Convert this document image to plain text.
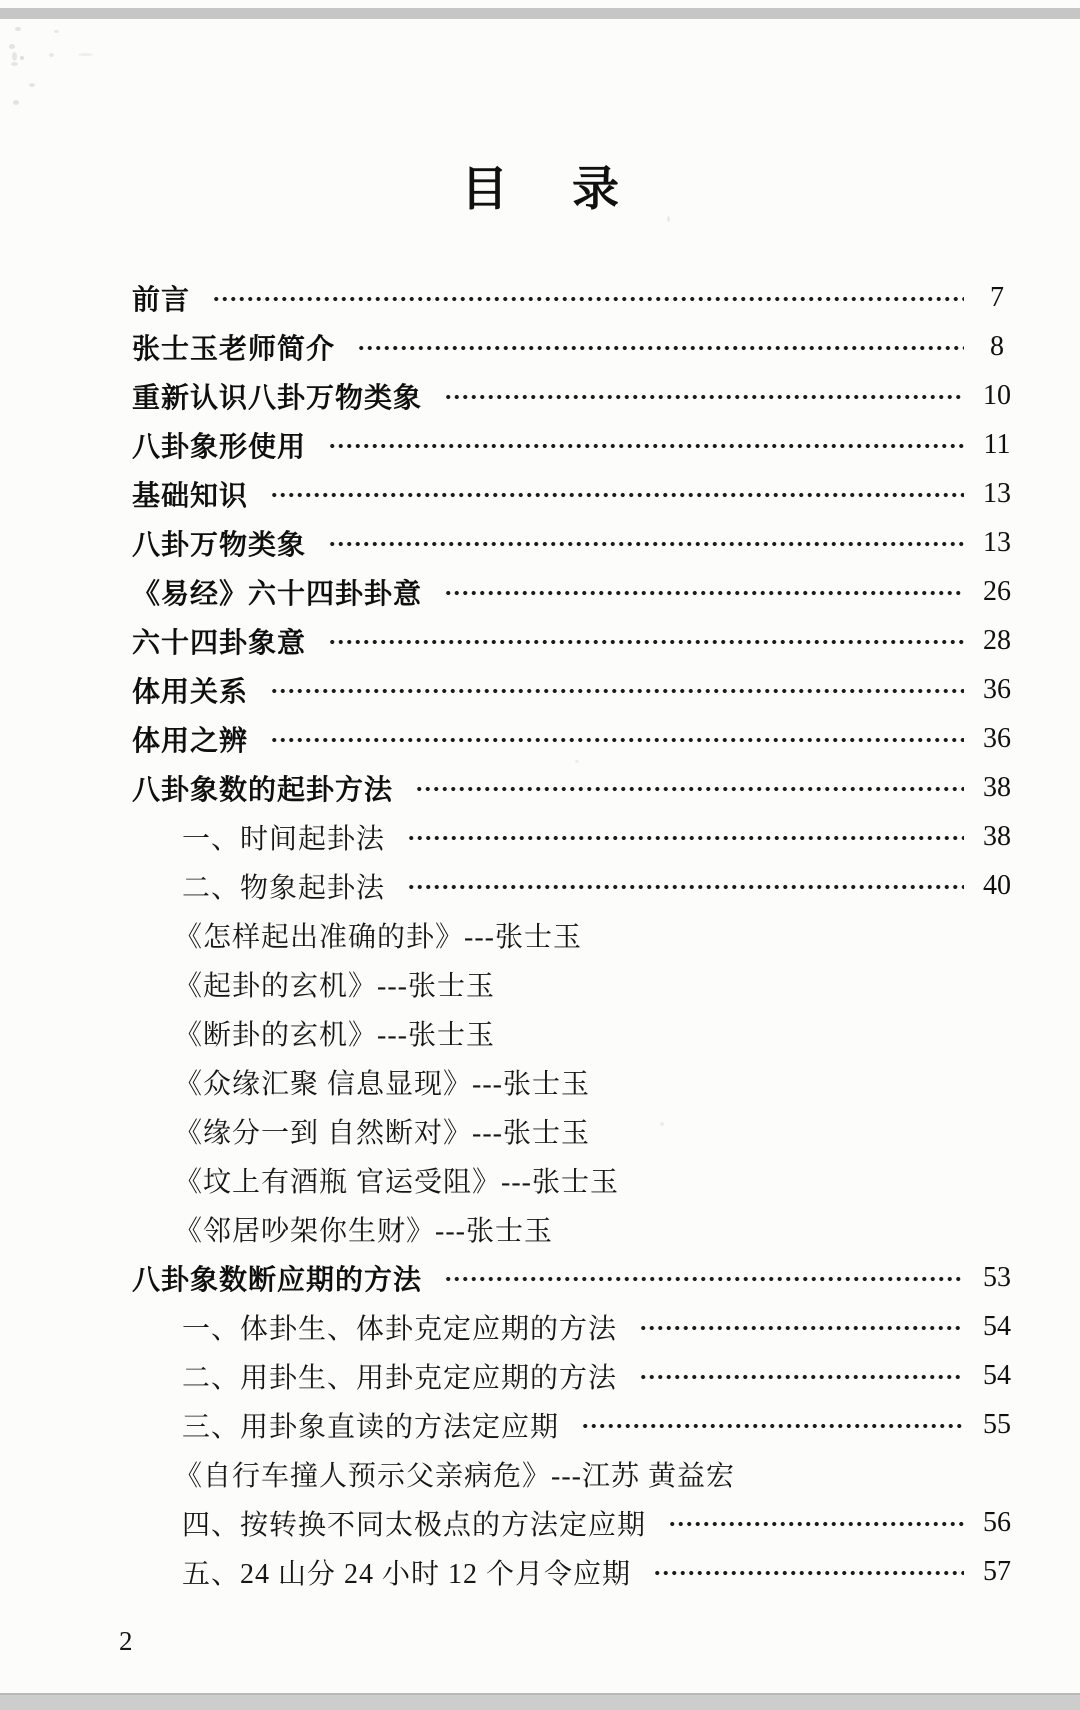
目 录
前言	7
张士玉老师简介	8
重新认识八卦万物类象	10
八卦象形使用	11
基础知识	13
八卦万物类象	13
《易经》六十四卦卦意	26
六十四卦象意	28
体用关系	36
体用之辨	36
八卦象数的起卦方法	38
一、时间起卦法	38
二、物象起卦法	40
《怎样起出准确的卦》---张士玉
《起卦的玄机》---张士玉
《断卦的玄机》---张士玉
《众缘汇聚 信息显现》---张士玉
《缘分一到 自然断对》---张士玉
《坟上有酒瓶 官运受阻》---张士玉
《邻居吵架你生财》---张士玉
八卦象数断应期的方法	53
一、体卦生、体卦克定应期的方法	54
二、用卦生、用卦克定应期的方法	54
三、用卦象直读的方法定应期	55
《自行车撞人预示父亲病危》---江苏 黄益宏
四、按转换不同太极点的方法定应期	56
五、24 山分 24 小时 12 个月令应期	57
2
